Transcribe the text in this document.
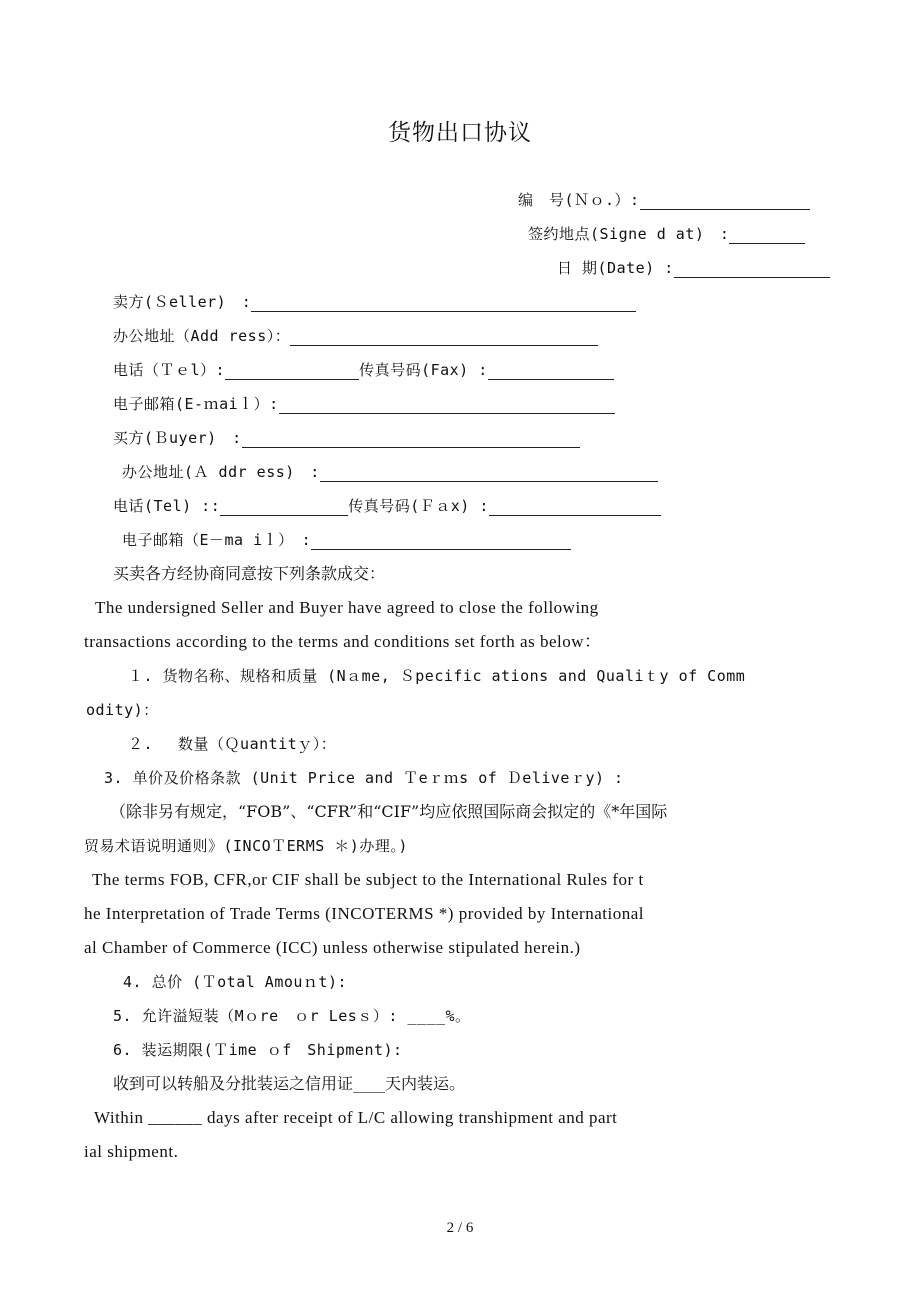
货物出口协议
编　号(Ｎｏ.）:
签约地点(Signe d at)　:
日 期(Date) :
卖方(Ｓeller)　:
办公地址（Add ress）：
电话（Ｔｅl）:	传真号码(Fax) :
电子邮箱(E-ｍaiｌ）:
买方(Ｂuyer)　:
办公地址(Ａ ddr ess)　:
电话(Tel) ::	传真号码(Ｆａx) :
电子邮箱（E－ma iｌ）　:
买卖各方经协商同意按下列条款成交：
The undersigned Seller and Buyer have agreed to close the following
transactions according to the terms and conditions set forth as below：
１. 货物名称、规格和质量 (Nａme, Ｓpecific ations and Qualiｔy of Comm
odity)：
２.　 数量（Ｑuantitｙ）：
3. 单价及价格条款 (Unit Price and Ｔeｒｍs of Ｄeliveｒy) :
（除非另有规定，“FOB”、“CFR”和“CIF”均应依照国际商会拟定的《*年国际
贸易术语说明通则》(INCOＴERMS ＊)办理。)
The terms FOB, CFR,or CIF shall be subject to the International Rules for t
he Interpretation of Trade Terms (INCOTERMS *) provided by International
al Chamber of Commerce (ICC) unless otherwise stipulated herein.)
4. 总价 (Ｔotal Amouｎt):
5. 允许溢短装（Mｏre　ｏr Lesｓ）: ____%。
6. 装运期限(Ｔime ｏf　Shipment):
收到可以转船及分批装运之信用证____天内装运。
Within ______ days after receipt of L/C allowing transhipment and part
ial shipment.
2 / 6
